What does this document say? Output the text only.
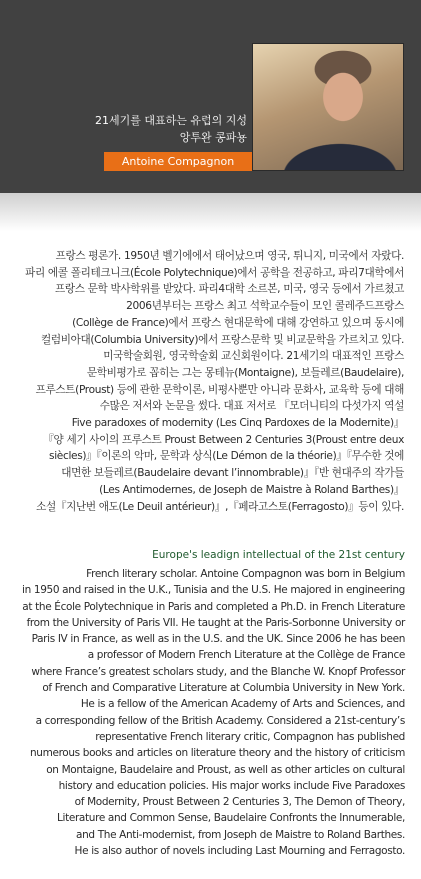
21세기를 대표하는 유럽의 지성
앙투완 콩파뇽
Antoine Compagnon
프랑스 평론가. 1950년 벨기에에서 태어났으며 영국, 튀니지, 미국에서 자랐다.
파리 에콜 폴리테크니크(École Polytechnique)에서 공학을 전공하고, 파리7대학에서
프랑스 문학 박사학위를 받았다. 파리4대학 소르본, 미국, 영국 등에서 가르쳤고
2006년부터는 프랑스 최고 석학교수들이 모인 콜레주드프랑스
(Collège de France)에서 프랑스 현대문학에 대해 강연하고 있으며 동시에
컬럼비아대(Columbia University)에서 프랑스문학 및 비교문학을 가르치고 있다.
미국학술회원, 영국학술회 교신회원이다. 21세기의 대표적인 프랑스
문학비평가로 꼽히는 그는 몽테뉴(Montaigne), 보들레르(Baudelaire),
프루스트(Proust) 등에 관한 문학이론, 비평사뿐만 아니라 문화사, 교육학 등에 대해
수많은 저서와 논문을 썼다. 대표 저서로 『모더니티의 다섯가지 역설
Five paradoxes of modernity (Les Cinq Pardoxes de la Modernite)』
『양 세기 사이의 프루스트 Proust Between 2 Centuries 3(Proust entre deux
siècles)』『이론의 악마, 문학과 상식(Le Démon de la théorie)』『무수한 것에
대면한 보들레르(Baudelaire devant l’innombrable)』『반 현대주의 작가들
(Les Antimodernes, de Joseph de Maistre à Roland Barthes)』
소설『지난번 애도(Le Deuil antérieur)』,『페라고스토(Ferragosto)』등이 있다.
Europe's leadign intellectual of the 21st century
French literary scholar. Antoine Compagnon was born in Belgium
in 1950 and raised in the U.K., Tunisia and the U.S. He majored in engineering
at the École Polytechnique in Paris and completed a Ph.D. in French Literature
from the University of Paris VII. He taught at the Paris-Sorbonne University or
Paris IV in France, as well as in the U.S. and the UK. Since 2006 he has been
a professor of Modern French Literature at the Collège de France
where France’s greatest scholars study, and the Blanche W. Knopf Professor
of French and Comparative Literature at Columbia University in New York.
He is a fellow of the American Academy of Arts and Sciences, and
a corresponding fellow of the British Academy. Considered a 21st-century’s
representative French literary critic, Compagnon has published
numerous books and articles on literature theory and the history of criticism
on Montaigne, Baudelaire and Proust, as well as other articles on cultural
history and education policies. His major works include Five Paradoxes
of Modernity, Proust Between 2 Centuries 3, The Demon of Theory,
Literature and Common Sense, Baudelaire Confronts the Innumerable,
and The Anti-modernist, from Joseph de Maistre to Roland Barthes.
He is also author of novels including Last Mourning and Ferragosto.
